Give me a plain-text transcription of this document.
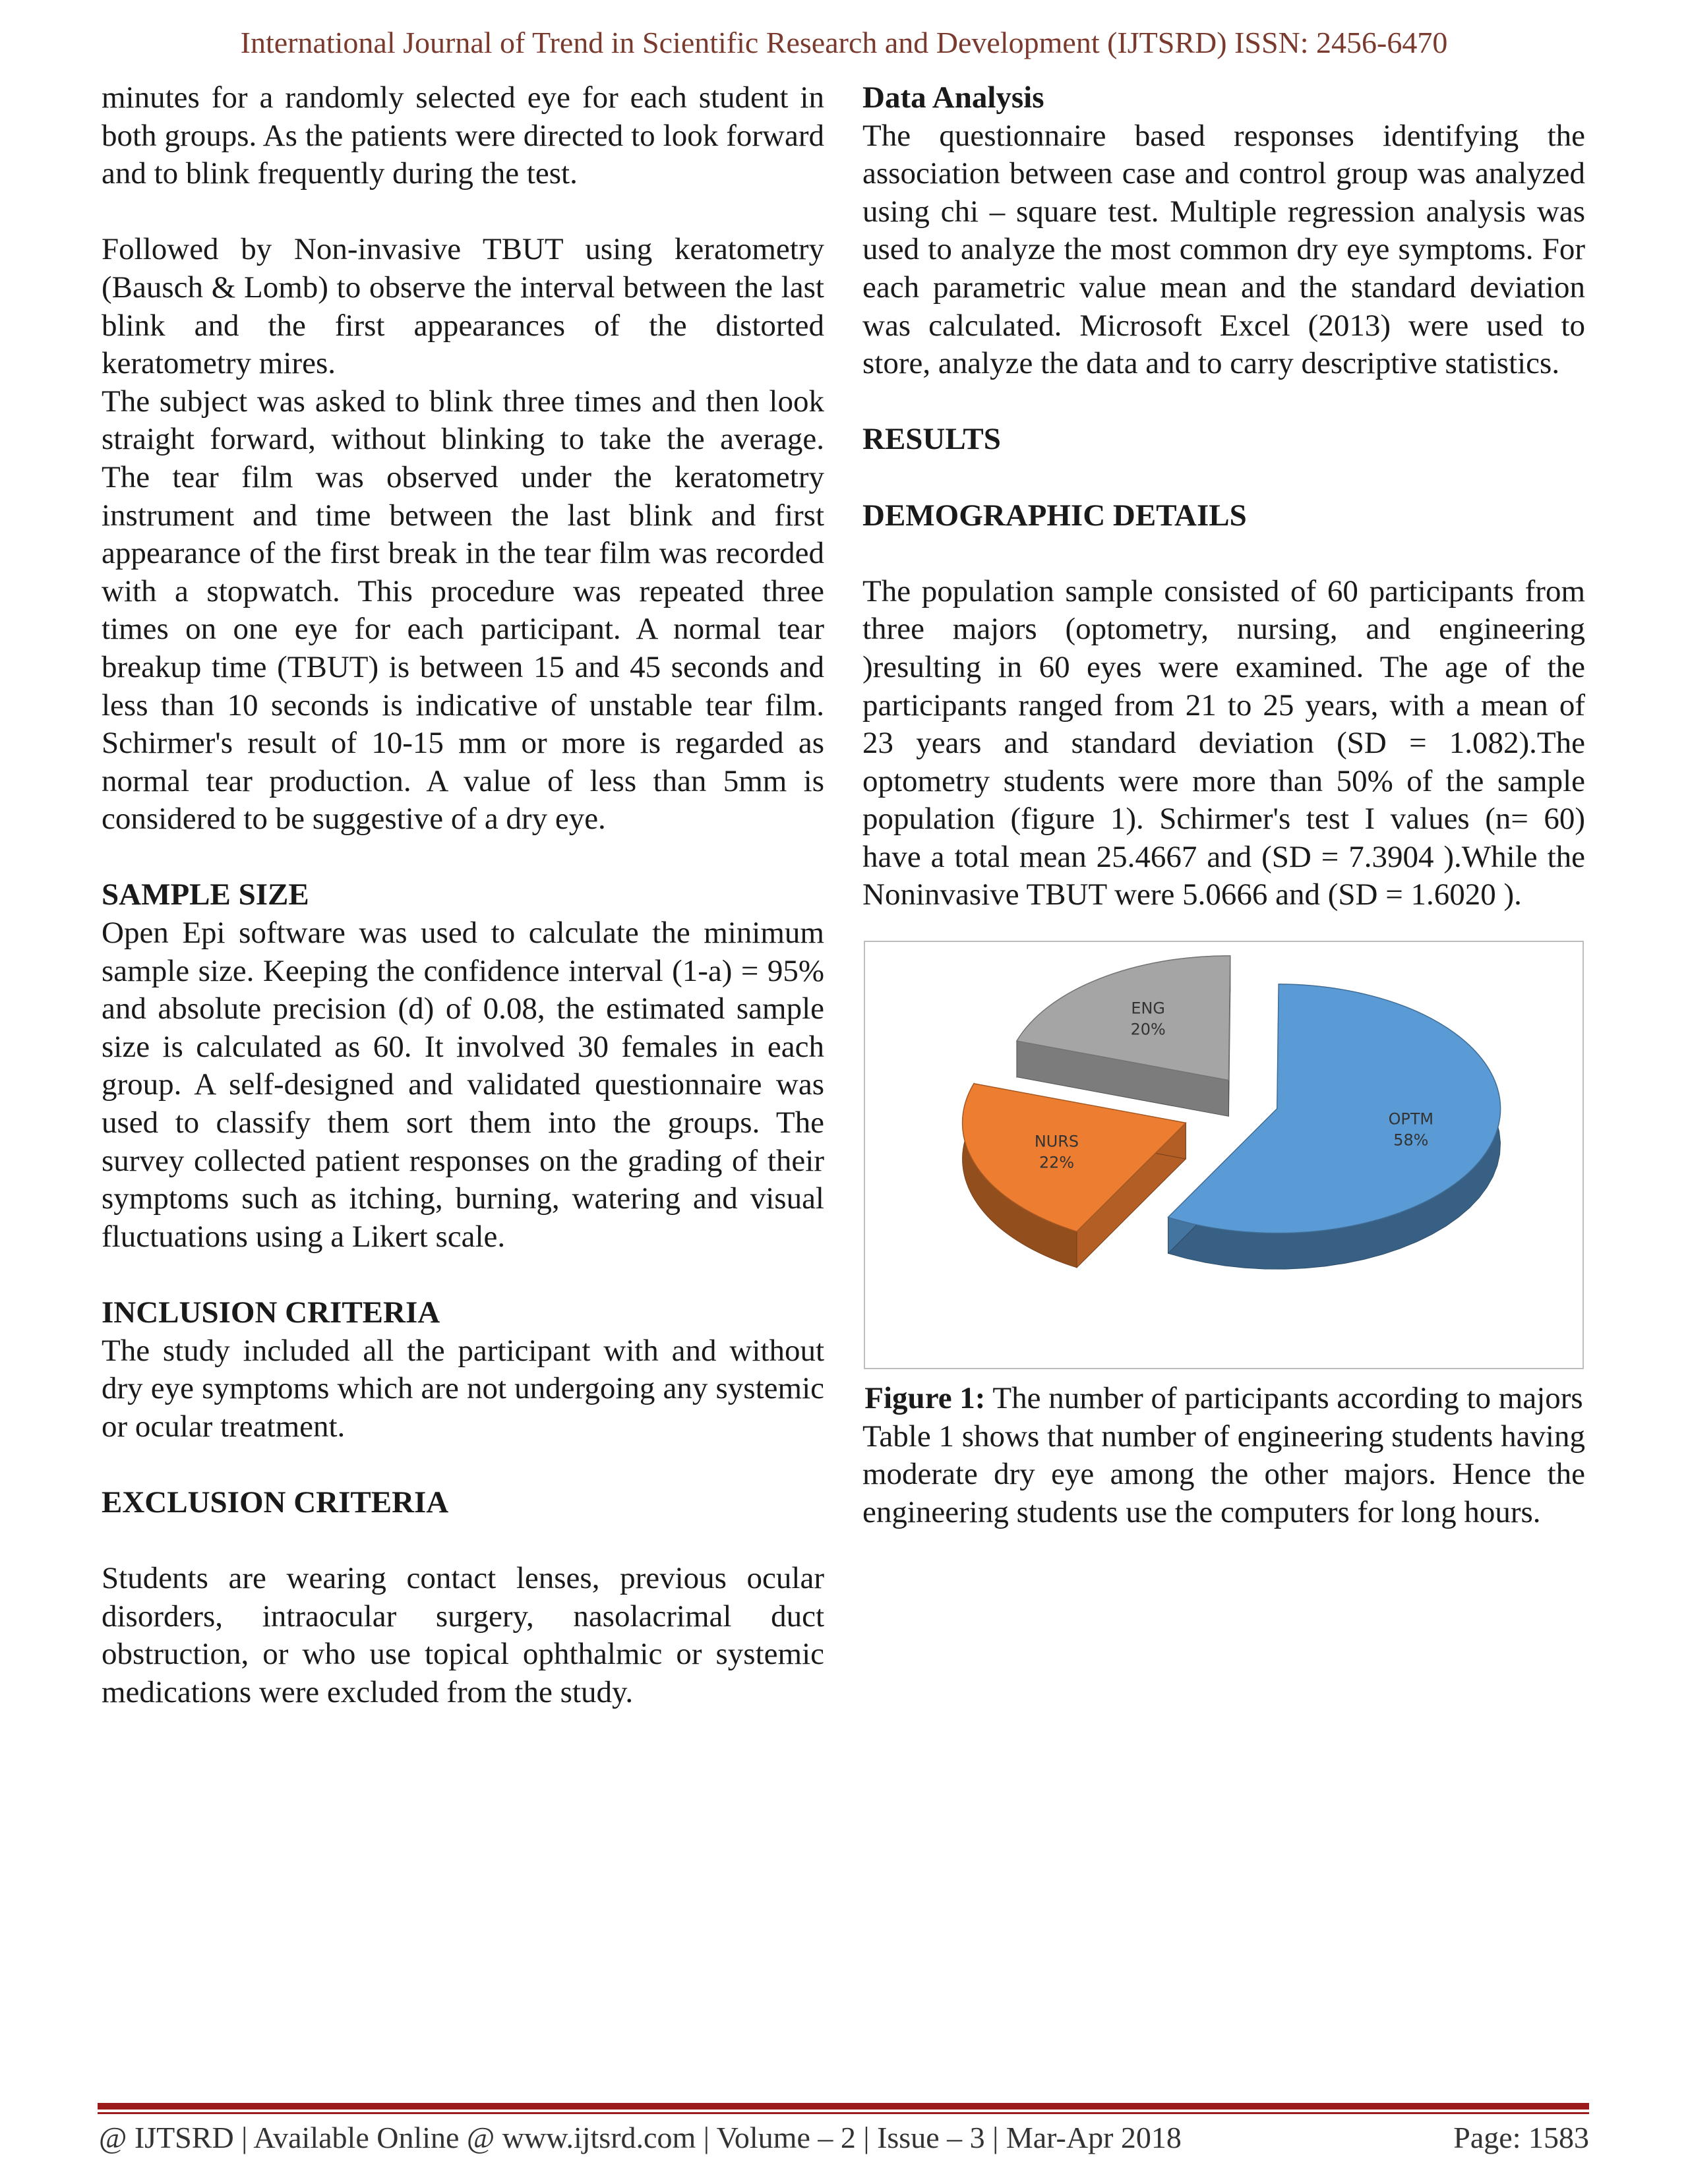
International Journal of Trend in Scientific Research and Development (IJTSRD) ISSN: 2456-6470

minutes for a randomly selected eye for each student in both groups. As the patients were directed to look forward and to blink frequently during the test.

Followed by Non-invasive TBUT using keratometry (Bausch & Lomb) to observe the interval between the last blink and the first appearances of the distorted keratometry mires.

The subject was asked to blink three times and then look straight forward, without blinking to take the average. The tear film was observed under the keratometry instrument and time between the last blink and first appearance of the first break in the tear film was recorded with a stopwatch. This procedure was repeated three times on one eye for each participant. A normal tear breakup time (TBUT) is between 15 and 45 seconds and less than 10 seconds is indicative of unstable tear film. Schirmer's result of 10-15 mm or more is regarded as normal tear production. A value of less than 5mm is considered to be suggestive of a dry eye.

SAMPLE SIZE

Open Epi software was used to calculate the minimum sample size. Keeping the confidence interval (1-a) = 95% and absolute precision (d) of 0.08, the estimated sample size is calculated as 60. It involved 30 females in each group. A self-designed and validated questionnaire was used to classify them sort them into the groups. The survey collected patient responses on the grading of their symptoms such as itching, burning, watering and visual fluctuations using a Likert scale.

INCLUSION CRITERIA

The study included all the participant with and without dry eye symptoms which are not undergoing any systemic or ocular treatment.

EXCLUSION CRITERIA

Students are wearing contact lenses, previous ocular disorders, intraocular surgery, nasolacrimal duct obstruction, or who use topical ophthalmic or systemic medications were excluded from the study.

Data Analysis

The questionnaire based responses identifying the association between case and control group was analyzed using chi – square test. Multiple regression analysis was used to analyze the most common dry eye symptoms. For each parametric value mean and the standard deviation was calculated. Microsoft Excel (2013) were used to store, analyze the data and to carry descriptive statistics.

RESULTS
DEMOGRAPHIC DETAILS

The population sample consisted of 60 participants from three majors (optometry, nursing, and engineering )resulting in 60 eyes were examined. The age of the participants ranged from 21 to 25 years, with a mean of 23 years and standard deviation (SD = 1.082).The optometry students were more than 50% of the sample population (figure 1). Schirmer's test I values (n= 60) have a total mean 25.4667 and (SD = 7.3904 ).While the Noninvasive TBUT were 5.0666 and (SD = 1.6020 ).

OPTM
58%
NURS
22%
ENG
20%
Figure 1: The number of participants according to majors

Table 1 shows that number of engineering students having moderate dry eye among the other majors. Hence the engineering students use the computers for long hours.

@ IJTSRD | Available Online @ www.ijtsrd.com | Volume – 2 | Issue – 3 | Mar-Apr 2018	Page: 1583
